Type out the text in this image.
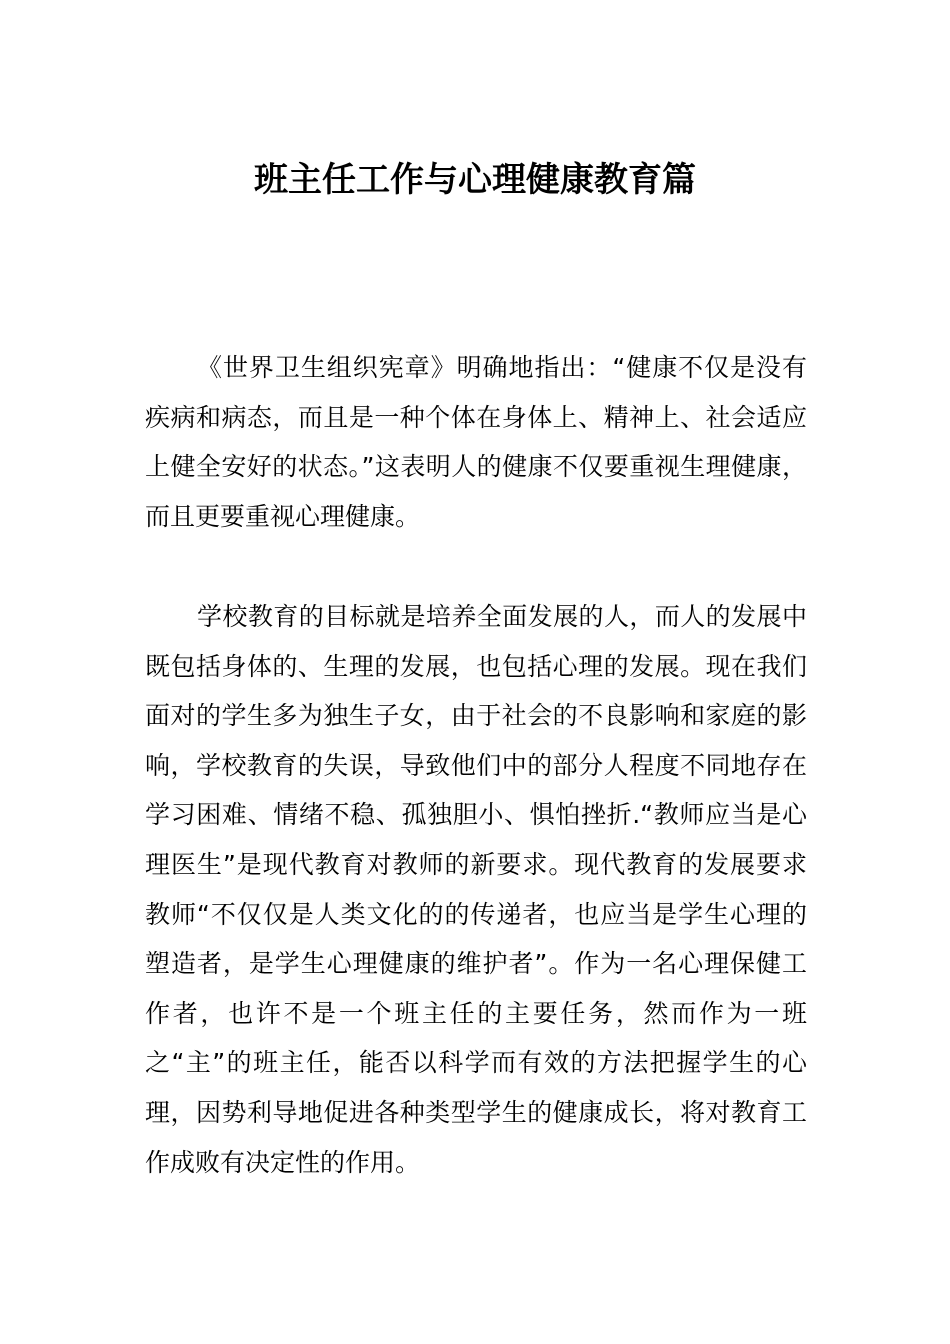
班主任工作与心理健康教育篇

《世界卫生组织宪章》明确地指出：“健康不仅是没有疾病和病态，而且是一种个体在身体上、精神上、社会适应上健全安好的状态。”这表明人的健康不仅要重视生理健康，而且更要重视心理健康。

学校教育的目标就是培养全面发展的人，而人的发展中既包括身体的、生理的发展，也包括心理的发展。现在我们面对的学生多为独生子女，由于社会的不良影响和家庭的影响，学校教育的失误，导致他们中的部分人程度不同地存在学习困难、情绪不稳、孤独胆小、惧怕挫折.“教师应当是心理医生”是现代教育对教师的新要求。现代教育的发展要求教师“不仅仅是人类文化的的传递者，也应当是学生心理的塑造者，是学生心理健康的维护者”。作为一名心理保健工作者，也许不是一个班主任的主要任务，然而作为一班之“主”的班主任，能否以科学而有效的方法把握学生的心理，因势利导地促进各种类型学生的健康成长，将对教育工作成败有决定性的作用。
